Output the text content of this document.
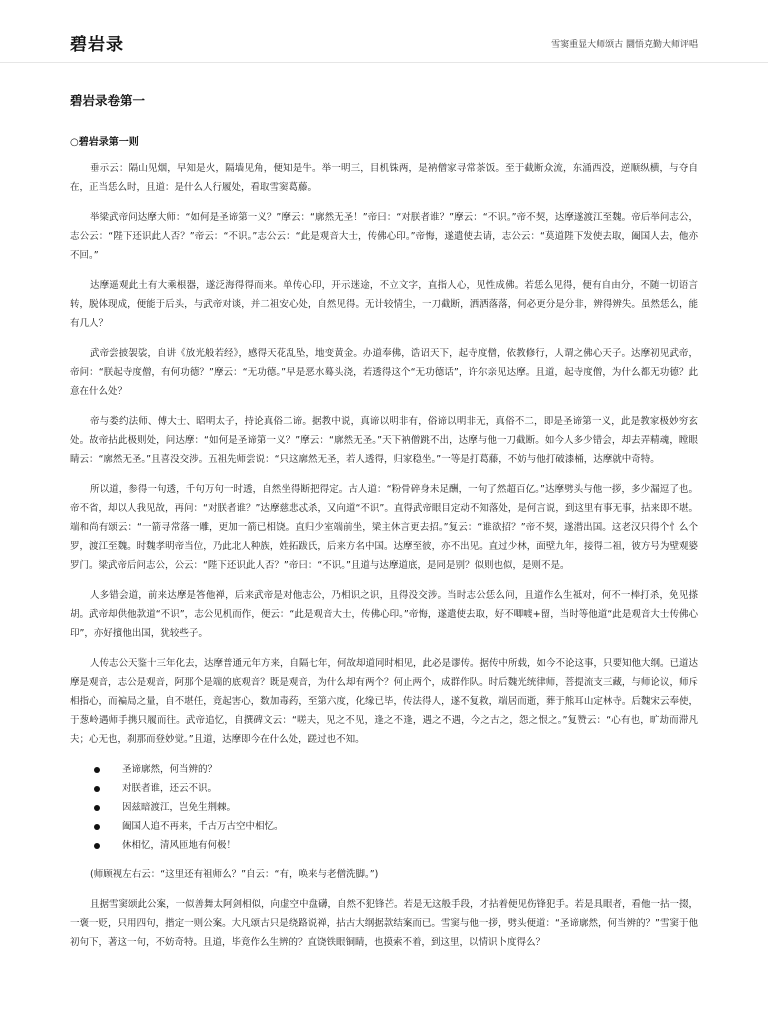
碧岩录	雪窦重显大师颂古 圜悟克勤大师评唱
碧岩录卷第一
○碧岩录第一则

垂示云：隔山见烟，早知是火，隔墙见角，便知是牛。举一明三，目机铢两，是衲僧家寻常茶饭。至于截断众流，东涌西没，逆顺纵横，与夺自在，正当恁么时，且道：是什么人行履处，看取雪窦葛藤。

举梁武帝问达摩大师：“如何是圣谛第一义？”摩云：“廓然无圣！”帝曰：“对朕者谁？”摩云：“不识。”帝不契，达摩遂渡江至魏。帝后举问志公，志公云：“陛下还识此人否？”帝云：“不识。”志公云：“此是观音大士，传佛心印。”帝悔，遂遣使去请，志公云：“莫道陛下发使去取，阖国人去，他亦不回。”

达摩遥观此土有大乘根器，遂泛海得得而来。单传心印，开示迷途，不立文字，直指人心，见性成佛。若恁么见得，便有自由分，不随一切语言转，脱体现成，便能于后头，与武帝对谈，并二祖安心处，自然见得。无计较情尘，一刀截断，洒洒落落，何必更分是分非，辨得辨失。虽然恁么，能有几人？

武帝尝披袈裟，自讲《放光般若经》，感得天花乱坠，地变黄金。办道奉佛，诰诏天下，起寺度僧，依教修行，人谓之佛心天子。达摩初见武帝，帝问：“朕起寺度僧，有何功德？”摩云：“无功德。”早是恶水蓦头浇，若透得这个“无功德话”，许尔亲见达摩。且道，起寺度僧，为什么都无功德？此意在什么处？

帝与娄约法师、傅大士、昭明太子，持论真俗二谛。据教中说，真谛以明非有，俗谛以明非无，真俗不二，即是圣谛第一义，此是教家极妙穷玄处。故帝拈此极则处，问达摩：“如何是圣谛第一义？”摩云：“廓然无圣。”天下衲僧跳不出，达摩与他一刀截断。如今人多少错会，却去弄精魂，瞠眼睛云：“廓然无圣。”且喜没交涉。五祖先师尝说：“只这廓然无圣，若人透得，归家稳坐。”一等是打葛藤，不妨与他打破漆桶，达摩就中奇特。

所以道，参得一句透，千句万句一时透，自然坐得断把得定。古人道：“粉骨碎身未足酬，一句了然超百亿。”达摩劈头与他一拶，多少漏逗了也。帝不省，却以人我见故，再问：“对朕者谁？”达摩慈悲忒杀，又向道“不识”。直得武帝眼目定动不知落处，是何言说，到这里有事无事，拈来即不堪。端和尚有颂云：“一箭寻常落一雕，更加一箭已相饶。直归少室端前坐，梁主休言更去招。”复云：“谁欲招？”帝不契，遂潜出国。这老汉只得个忄么个罗，渡江至魏。时魏孝明帝当位，乃此北人种族，姓拓跋氏，后来方名中国。达摩至彼，亦不出见。直过少林，面壁九年，接得二祖，彼方号为壁观婆罗门。梁武帝后问志公，公云：“陛下还识此人否？”帝曰：“不识。”且道与达摩道底，是同是别？似则也似，是则不是。

人多错会道，前来达摩是答他禅，后来武帝是对他志公，乃相识之识，且得没交涉。当时志公恁么问，且道作么生祗对，何不一棒打杀，免见搽胡。武帝却供他款道“不识”，志公见机而作，便云：“此是观音大士，传佛心印。”帝悔，遂遣使去取，好不唧㗔+留，当时等他道“此是观音大士传佛心印”，亦好擯他出国，犹较些子。

人传志公天鉴十三年化去，达摩普通元年方来，自隔七年，何故却道同时相见，此必是谬传。据传中所载，如今不论这事，只要知他大纲。已道达摩是观音，志公是观音，阿那个是端的底观音？既是观音，为什么却有两个？何止两个，成群作队。时后魏光统律师，菩提流支三藏，与师论议，师斥相指心，而褊局之量，自不堪任，竟起害心，数加毒药，至第六度，化缘已毕，传法得人，遂不复救，端居而逝，葬于熊耳山定林寺。后魏宋云奉使，于葱岭遇师手携只履而往。武帝追忆，自撰碑文云：“嗟夫，见之不见，逢之不逢，遇之不遇，今之古之，怨之恨之。”复赞云：“心有也，旷劫而滞凡夫；心无也，刹那而登妙觉。”且道，达摩即今在什么处，蹉过也不知。

圣谛廓然，何当辨的？
对朕者谁，还云不识。
因兹暗渡江，岂免生荆棘。
阖国人追不再来，千古万古空中相忆。
休相忆，清风匝地有何极！

(师顾视左右云：“这里还有祖师么？”自云：“有，唤来与老僧洗脚。”)

且据雪窦颂此公案，一似善舞太阿剑相似，向虚空中盘礴，自然不犯锋芒。若是无这般手段，才拈着便见伤锋犯手。若是具眼者，看他一拈一掇，一褒一贬，只用四句，揩定一则公案。大凡颂古只是绕路说禅，拈古大纲据款结案而已。雪窦与他一拶，劈头便道：“圣谛廓然，何当辨的？”雪窦于他初句下，著这一句，不妨奇特。且道，毕竟作么生辨的？直饶铁眼铜睛，也摸索不着，到这里，以情识卜度得么？
